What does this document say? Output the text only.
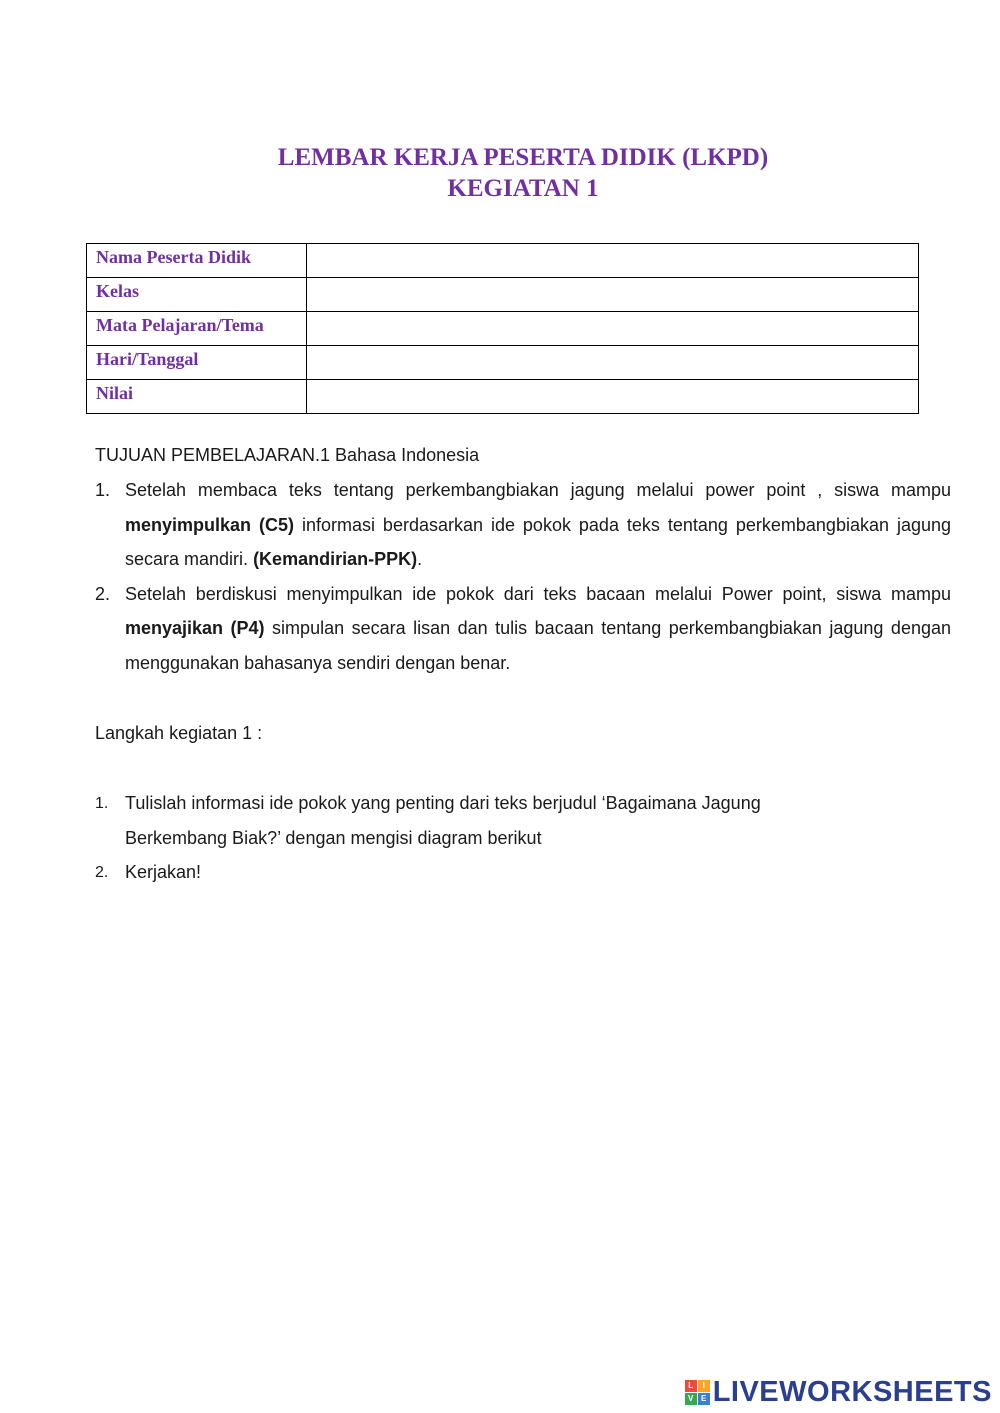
LEMBAR KERJA PESERTA DIDIK (LKPD)
KEGIATAN 1
Nama Peserta Didik	
Kelas	
Mata Pelajaran/Tema	
Hari/Tanggal	
Nilai	
TUJUAN PEMBELAJARAN.1 Bahasa Indonesia
1. Setelah membaca teks tentang perkembangbiakan jagung melalui power point , siswa mampu menyimpulkan (C5) informasi berdasarkan ide pokok pada teks tentang perkembangbiakan jagung secara mandiri. (Kemandirian-PPK).
2. Setelah berdiskusi menyimpulkan ide pokok dari teks bacaan melalui Power point, siswa mampu menyajikan (P4) simpulan secara lisan dan tulis bacaan tentang perkembangbiakan jagung dengan menggunakan bahasanya sendiri dengan benar.
Langkah kegiatan 1 :
1. Tulislah informasi ide pokok yang penting dari teks berjudul ‘Bagaimana Jagung Berkembang Biak?’ dengan mengisi diagram berikut
2. Kerjakan!
L	I
V E LIVEWORKSHEETS
